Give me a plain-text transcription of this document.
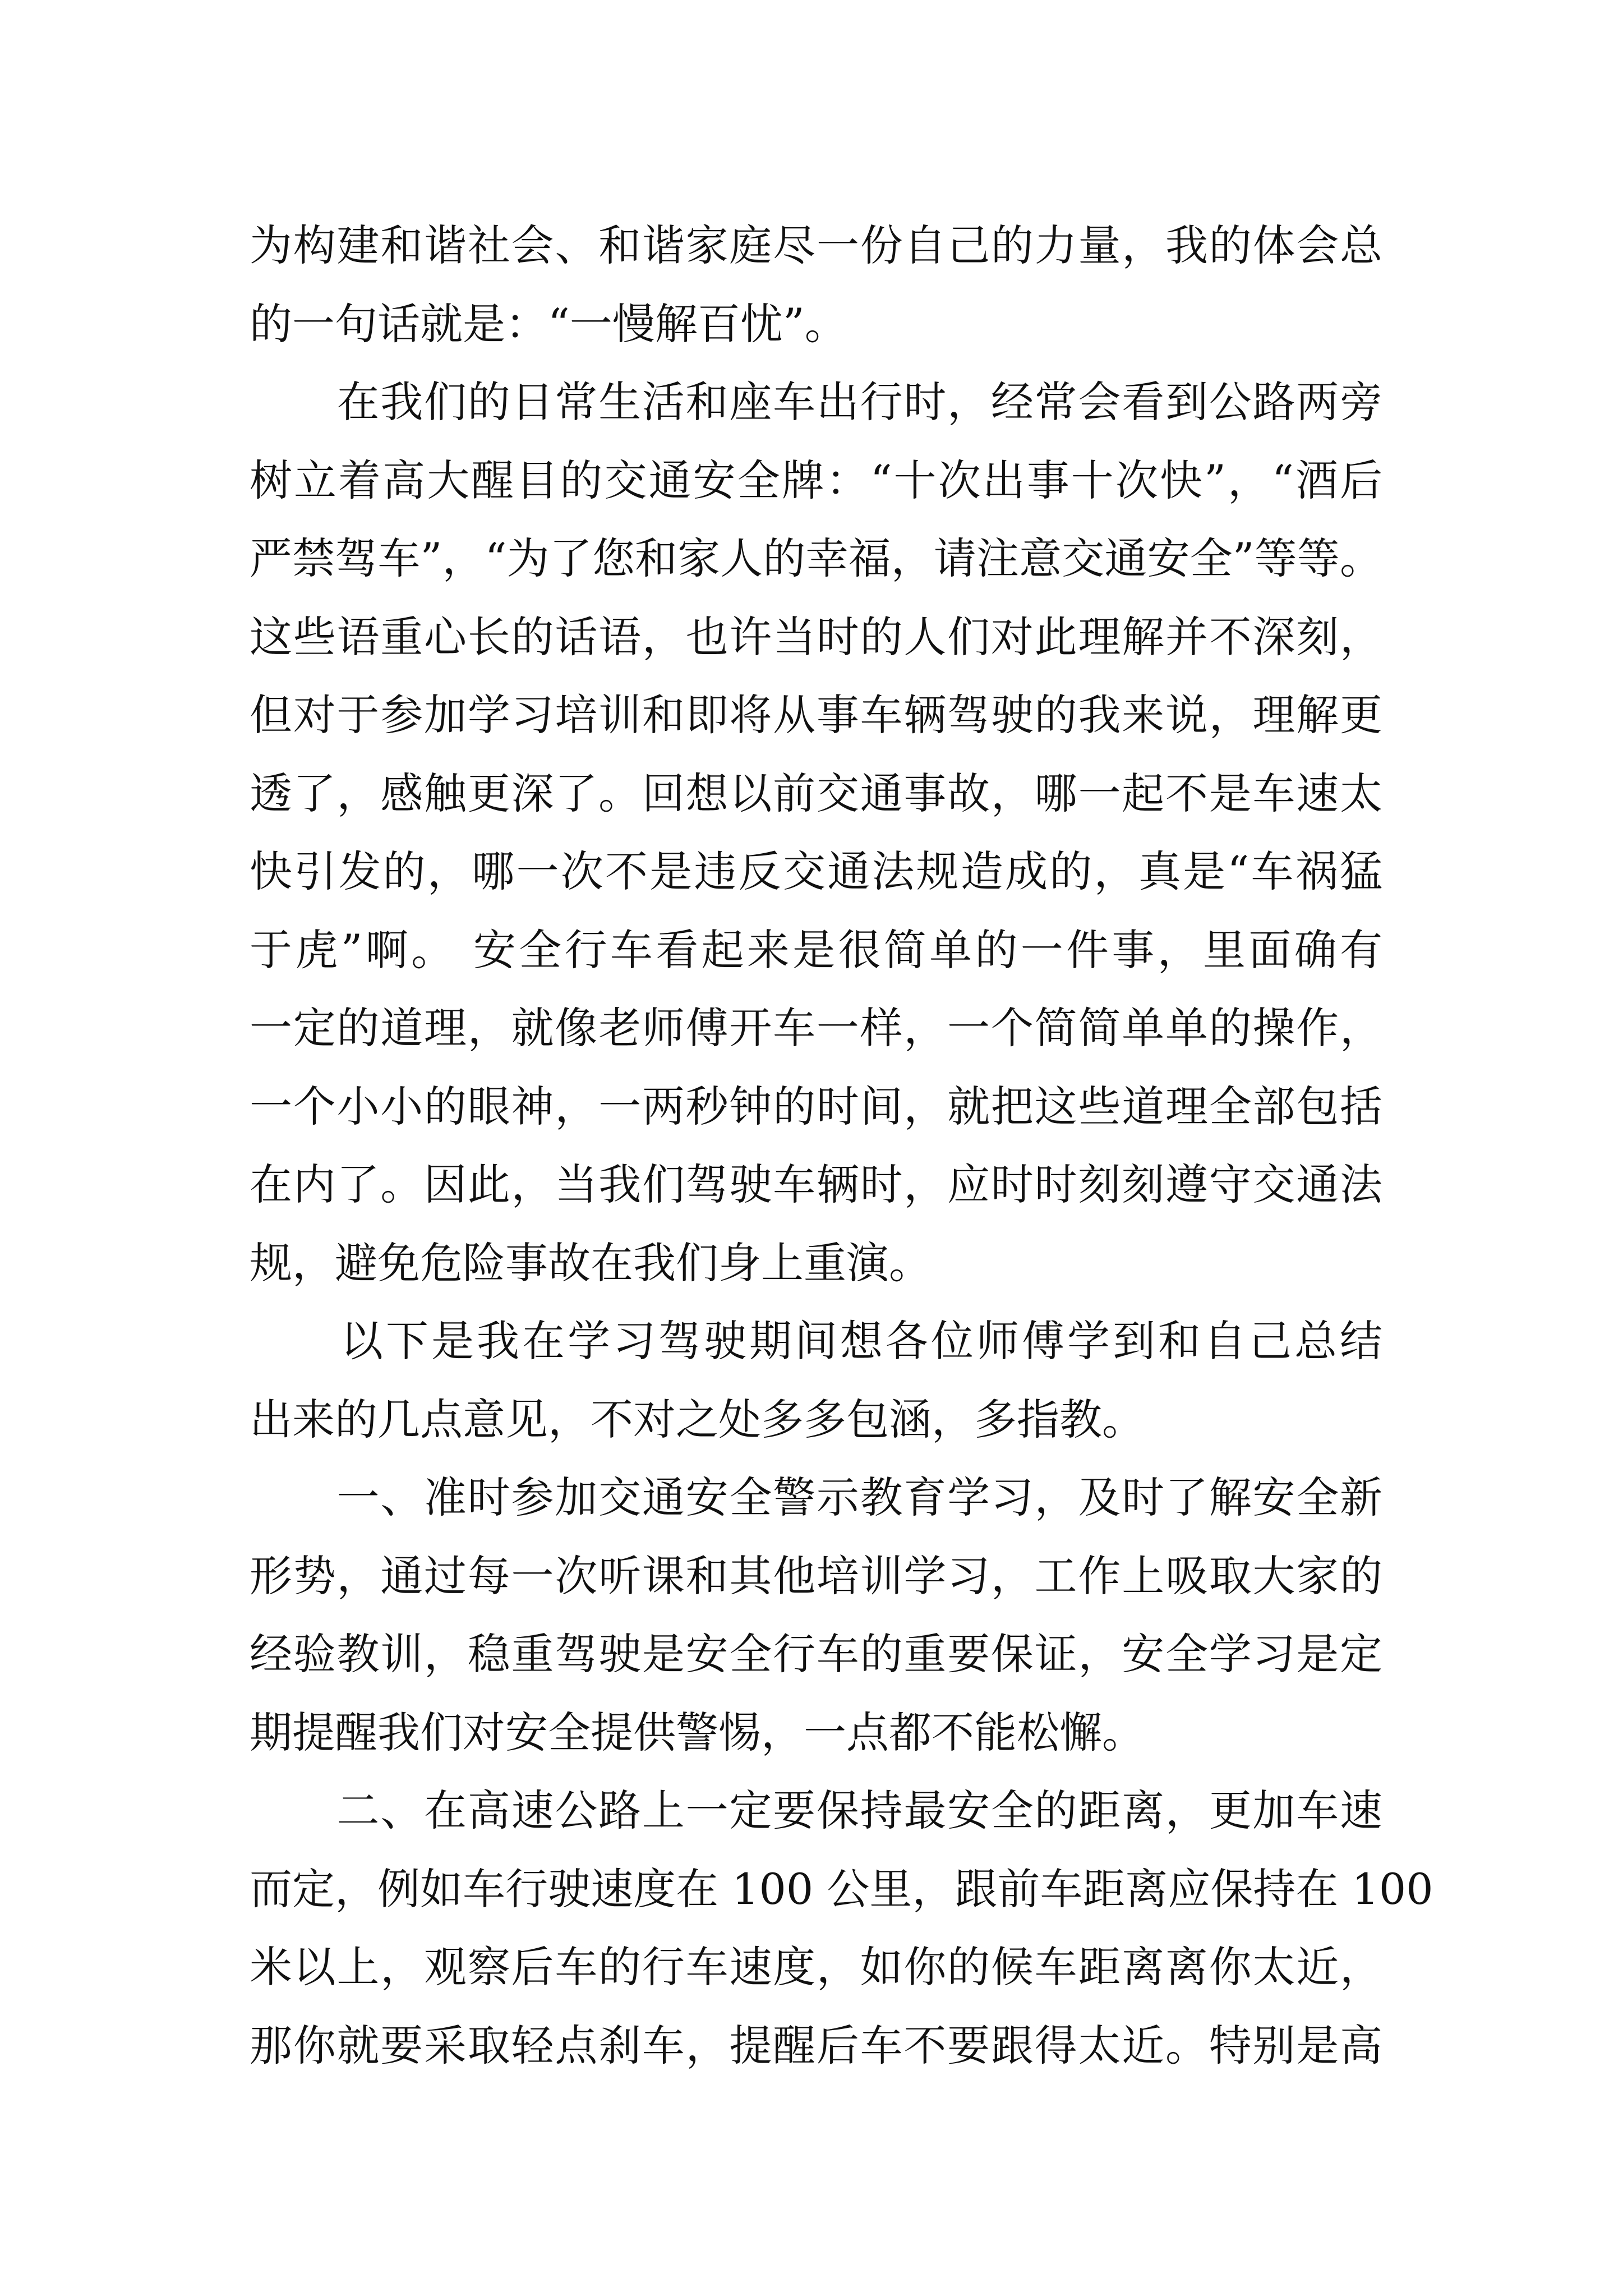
为构建和谐社会、和谐家庭尽一份自己的力量，我的体会总
的一句话就是：“一慢解百忧”。
　　在我们的日常生活和座车出行时，经常会看到公路两旁
树立着高大醒目的交通安全牌：“十次出事十次快”，“酒后
严禁驾车”，“为了您和家人的幸福，请注意交通安全”等等。
这些语重心长的话语，也许当时的人们对此理解并不深刻，
但对于参加学习培训和即将从事车辆驾驶的我来说，理解更
透了，感触更深了。回想以前交通事故，哪一起不是车速太
快引发的，哪一次不是违反交通法规造成的，真是“车祸猛
于虎”啊。 安全行车看起来是很简单的一件事，里面确有
一定的道理，就像老师傅开车一样，一个简简单单的操作，
一个小小的眼神，一两秒钟的时间，就把这些道理全部包括
在内了。因此，当我们驾驶车辆时，应时时刻刻遵守交通法
规，避免危险事故在我们身上重演。
　　以下是我在学习驾驶期间想各位师傅学到和自己总结
出来的几点意见，不对之处多多包涵，多指教。
　　一、准时参加交通安全警示教育学习，及时了解安全新
形势，通过每一次听课和其他培训学习，工作上吸取大家的
经验教训，稳重驾驶是安全行车的重要保证，安全学习是定
期提醒我们对安全提供警惕，一点都不能松懈。
　　二、在高速公路上一定要保持最安全的距离，更加车速
而定，例如车行驶速度在 100 公里，跟前车距离应保持在 100
米以上，观察后车的行车速度，如你的候车距离离你太近，
那你就要采取轻点刹车，提醒后车不要跟得太近。特别是高
